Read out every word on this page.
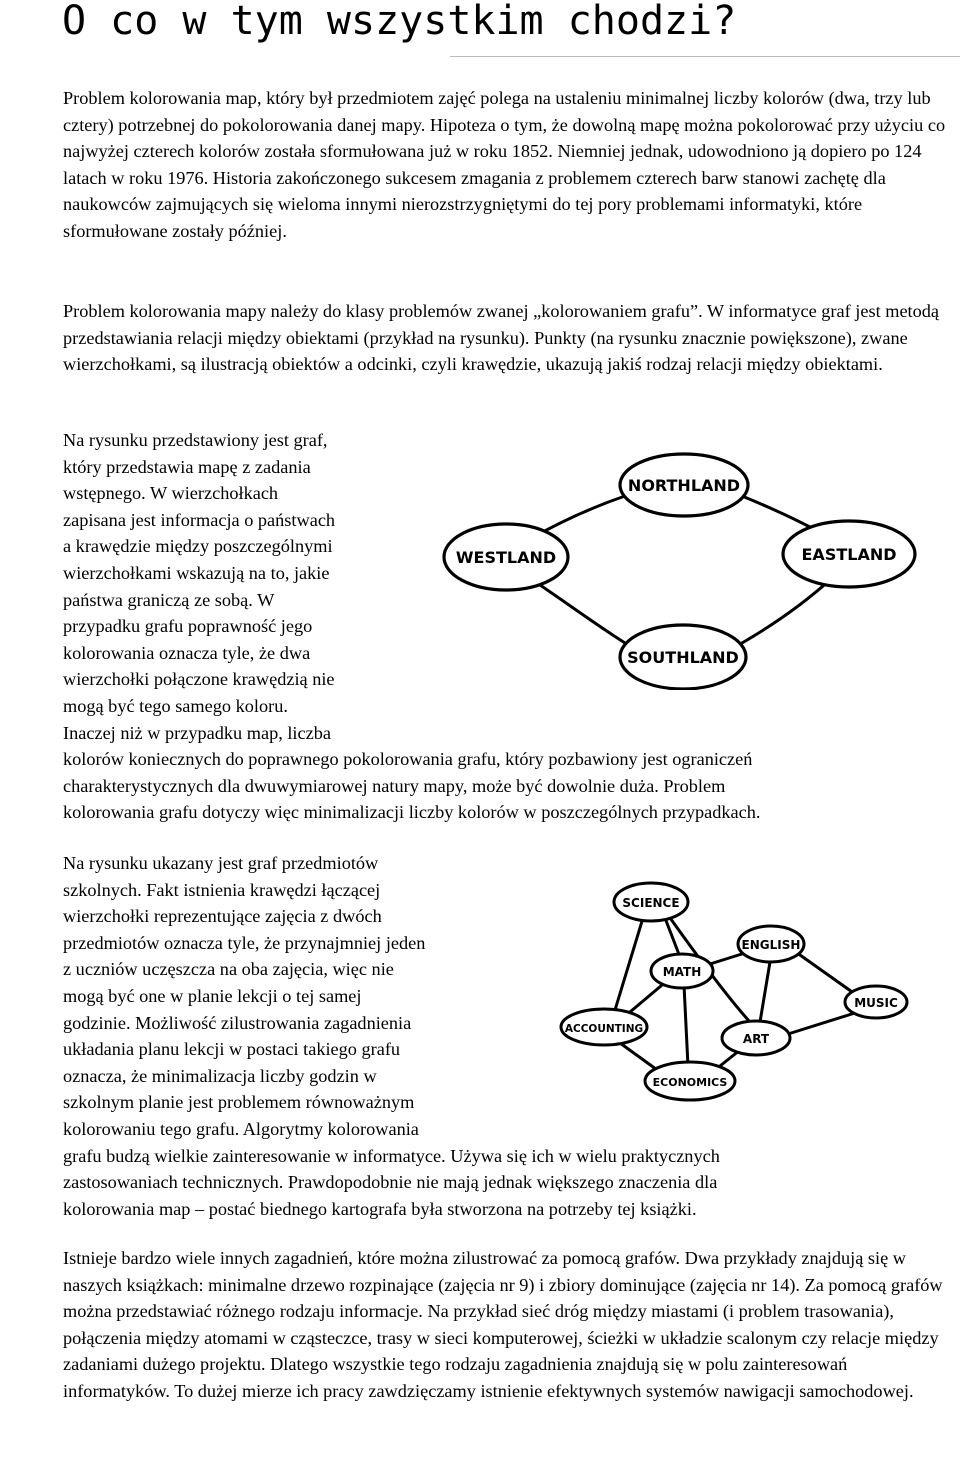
O co w tym wszystkim chodzi?

Problem kolorowania map, który był przedmiotem zajęć polega na ustaleniu minimalnej liczby kolorów (dwa, trzy lub cztery) potrzebnej do pokolorowania danej mapy. Hipoteza o tym, że dowolną mapę można pokolorować przy użyciu co najwyżej czterech kolorów została sformułowana już w roku 1852. Niemniej jednak, udowodniono ją dopiero po 124 latach w roku 1976. Historia zakończonego sukcesem zmagania z problemem czterech barw stanowi zachętę dla naukowców zajmujących się wieloma innymi nierozstrzygniętymi do tej pory problemami informatyki, które sformułowane zostały później.

Problem kolorowania mapy należy do klasy problemów zwanej „kolorowaniem grafu”. W informatyce graf jest metodą przedstawiania relacji między obiektami (przykład na rysunku). Punkty (na rysunku znacznie powiększone), zwane wierzchołkami, są ilustracją obiektów a odcinki, czyli krawędzie, ukazują jakiś rodzaj relacji między obiektami.

Na rysunku przedstawiony jest graf,
który przedstawia mapę z zadania
wstępnego. W wierzchołkach
zapisana jest informacja o państwach
a krawędzie między poszczególnymi
wierzchołkami wskazują na to, jakie
państwa graniczą ze sobą. W
przypadku grafu poprawność jego
kolorowania oznacza tyle, że dwa
wierzchołki połączone krawędzią nie
mogą być tego samego koloru.
Inaczej niż w przypadku map, liczba
kolorów koniecznych do poprawnego pokolorowania grafu, który pozbawiony jest ograniczeń
charakterystycznych dla dwuwymiarowej natury mapy, może być dowolnie duża. Problem
kolorowania grafu dotyczy więc minimalizacji liczby kolorów w poszczególnych przypadkach.

NORTHLAND
WESTLAND	EASTLAND
SOUTHLAND

Na rysunku ukazany jest graf przedmiotów
szkolnych. Fakt istnienia krawędzi łączącej
wierzchołki reprezentujące zajęcia z dwóch
przedmiotów oznacza tyle, że przynajmniej jeden
z uczniów uczęszcza na oba zajęcia, więc nie
mogą być one w planie lekcji o tej samej
godzinie. Możliwość zilustrowania zagadnienia
układania planu lekcji w postaci takiego grafu
oznacza, że minimalizacja liczby godzin w
szkolnym planie jest problemem równoważnym
kolorowaniu tego grafu. Algorytmy kolorowania
grafu budzą wielkie zainteresowanie w informatyce. Używa się ich w wielu praktycznych
zastosowaniach technicznych. Prawdopodobnie nie mają jednak większego znaczenia dla
kolorowania map – postać biednego kartografa była stworzona na potrzeby tej książki.

SCIENCE
ENGLISH
MATH
MUSIC
ACCOUNTING
ART
ECONOMICS

Istnieje bardzo wiele innych zagadnień, które można zilustrować za pomocą grafów. Dwa przykłady znajdują się w naszych książkach: minimalne drzewo rozpinające (zajęcia nr 9) i zbiory dominujące (zajęcia nr 14). Za pomocą grafów można przedstawiać różnego rodzaju informacje. Na przykład sieć dróg między miastami (i problem trasowania), połączenia między atomami w cząsteczce, trasy w sieci komputerowej, ścieżki w układzie scalonym czy relacje między zadaniami dużego projektu. Dlatego wszystkie tego rodzaju zagadnienia znajdują się w polu zainteresowań informatyków. To dużej mierze ich pracy zawdzięczamy istnienie efektywnych systemów nawigacji samochodowej.
